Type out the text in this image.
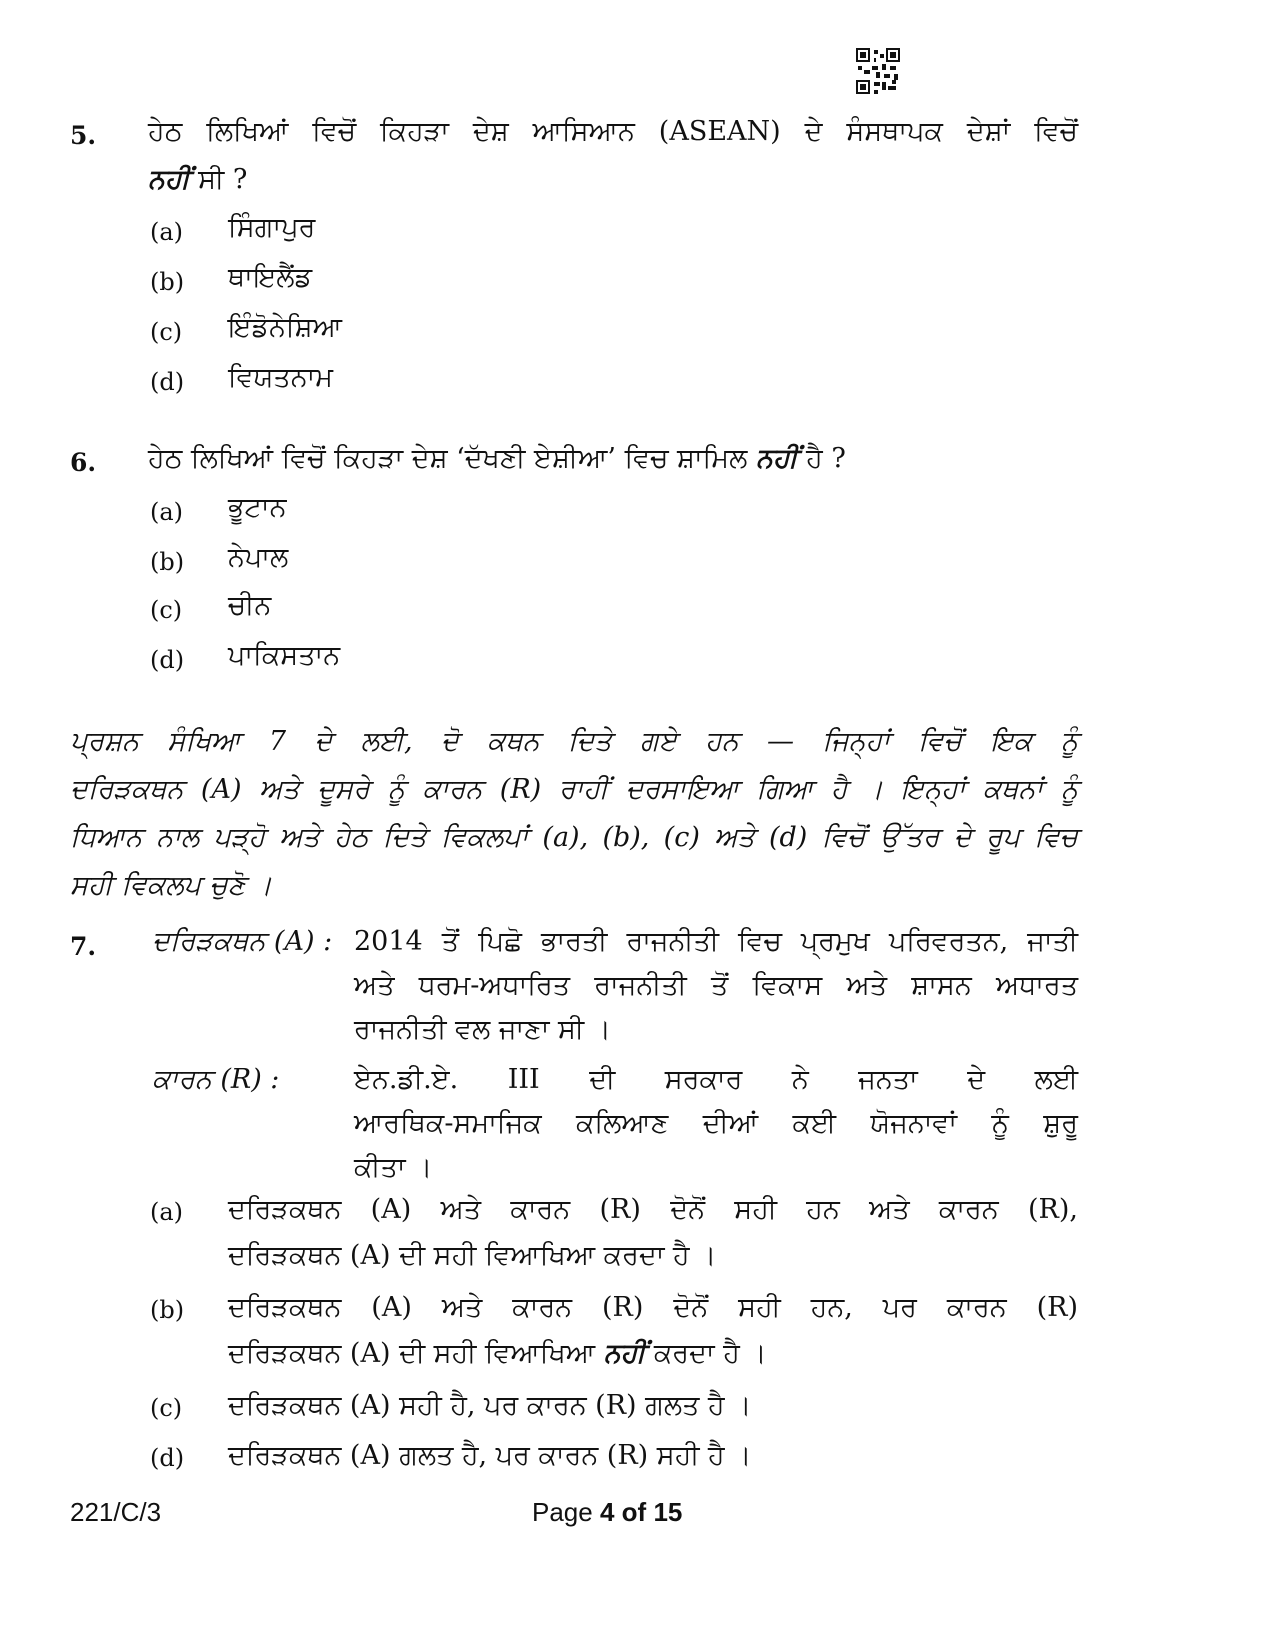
5. ਹੇਠ ਲਿਖਿਆਂ ਵਿਚੋਂ ਕਿਹੜਾ ਦੇਸ਼ ਆਸਿਆਨ (ASEAN) ਦੇ ਸੰਸਥਾਪਕ ਦੇਸ਼ਾਂ ਵਿਚੋਂ
ਨਹੀਂ ਸੀ ?
(a) ਸਿੰਗਾਪੁਰ
(b) ਥਾਇਲੈਂਡ
(c) ਇੰਡੋਨੇਸ਼ਿਆ
(d) ਵਿਯਤਨਾਮ
6. ਹੇਠ ਲਿਖਿਆਂ ਵਿਚੋਂ ਕਿਹੜਾ ਦੇਸ਼ ‘ਦੱਖਣੀ ਏਸ਼ੀਆ’ ਵਿਚ ਸ਼ਾਮਿਲ ਨਹੀਂ ਹੈ ?
(a) ਭੂਟਾਨ
(b) ਨੇਪਾਲ
(c) ਚੀਨ
(d) ਪਾਕਿਸਤਾਨ
ਪ੍ਰਸ਼ਨ ਸੰਖਿਆ 7 ਦੇ ਲਈ, ਦੋ ਕਥਨ ਦਿਤੇ ਗਏ ਹਨ — ਜਿਨ੍ਹਾਂ ਵਿਚੋਂ ਇਕ ਨੂੰ
ਦਰਿੜਕਥਨ (A) ਅਤੇ ਦੂਸਰੇ ਨੂੰ ਕਾਰਨ (R) ਰਾਹੀਂ ਦਰਸਾਇਆ ਗਿਆ ਹੈ । ਇਨ੍ਹਾਂ ਕਥਨਾਂ ਨੂੰ
ਧਿਆਨ ਨਾਲ ਪੜ੍ਹੋ ਅਤੇ ਹੇਠ ਦਿਤੇ ਵਿਕਲਪਾਂ (a), (b), (c) ਅਤੇ (d) ਵਿਚੋਂ ਉੱਤਰ ਦੇ ਰੂਪ ਵਿਚ
ਸਹੀ ਵਿਕਲਪ ਚੁਣੋ ।
7. ਦਰਿੜਕਥਨ (A) : 2014 ਤੋਂ ਪਿਛੋ ਭਾਰਤੀ ਰਾਜਨੀਤੀ ਵਿਚ ਪ੍ਰਮੁਖ ਪਰਿਵਰਤਨ, ਜਾਤੀ
ਅਤੇ ਧਰਮ-ਅਧਾਰਿਤ ਰਾਜਨੀਤੀ ਤੋਂ ਵਿਕਾਸ ਅਤੇ ਸ਼ਾਸਨ ਅਧਾਰਤ
ਰਾਜਨੀਤੀ ਵਲ ਜਾਣਾ ਸੀ ।
ਕਾਰਨ (R) :	ਏਨ.ਡੀ.ਏ. III ਦੀ ਸਰਕਾਰ ਨੇ ਜਨਤਾ ਦੇ ਲਈ
ਆਰਥਿਕ-ਸਮਾਜਿਕ ਕਲਿਆਣ ਦੀਆਂ ਕਈ ਯੋਜਨਾਵਾਂ ਨੂੰ ਸ਼ੁਰੂ
ਕੀਤਾ ।
(a) ਦਰਿੜਕਥਨ (A) ਅਤੇ ਕਾਰਨ (R) ਦੋਨੋਂ ਸਹੀ ਹਨ ਅਤੇ ਕਾਰਨ (R),
ਦਰਿੜਕਥਨ (A) ਦੀ ਸਹੀ ਵਿਆਖਿਆ ਕਰਦਾ ਹੈ ।
(b) ਦਰਿੜਕਥਨ (A) ਅਤੇ ਕਾਰਨ (R) ਦੋਨੋਂ ਸਹੀ ਹਨ, ਪਰ ਕਾਰਨ (R)
ਦਰਿੜਕਥਨ (A) ਦੀ ਸਹੀ ਵਿਆਖਿਆ ਨਹੀਂ ਕਰਦਾ ਹੈ ।
(c) ਦਰਿੜਕਥਨ (A) ਸਹੀ ਹੈ, ਪਰ ਕਾਰਨ (R) ਗਲਤ ਹੈ ।
(d) ਦਰਿੜਕਥਨ (A) ਗਲਤ ਹੈ, ਪਰ ਕਾਰਨ (R) ਸਹੀ ਹੈ ।
221/C/3	Page 4 of 15
